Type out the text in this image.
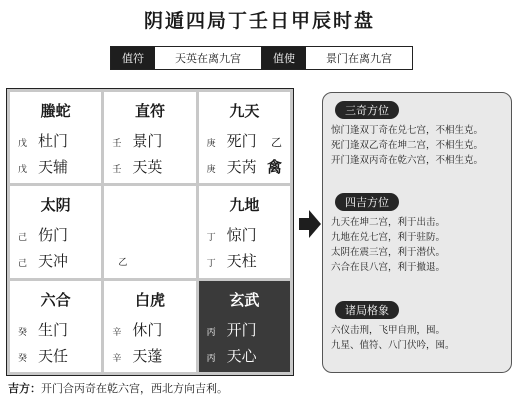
阴遁四局丁壬日甲辰时盘
值符	天英在离九宫	值使	景门在离九宫
螣蛇
戊 杜门
戊 天辅
直符
壬 景门
壬 天英
九天
庚 死门 乙
庚 天芮 禽
太阴
己 伤门
己 天冲	乙
九地
丁 惊门
丁 天柱
六合
癸 生门
癸 天任
白虎
辛 休门
辛 天蓬
玄武
丙 开门
丙 天心
三奇方位
惊门逢双丁奇在兑七宫，不相生克。
死门逢双乙奇在坤二宫，不相生克。
开门逢双丙奇在乾六宫，不相生克。
四吉方位
九天在坤二宫，利于出击。
九地在兑七宫，利于驻防。
太阴在震三宫，利于潜伏。
六合在艮八宫，利于撤退。
诸局格象
六仪击刑，飞甲自刑，囤。
九星、值符、八门伏吟，囤。
吉方：开门合丙奇在乾六宫，西北方向吉利。
